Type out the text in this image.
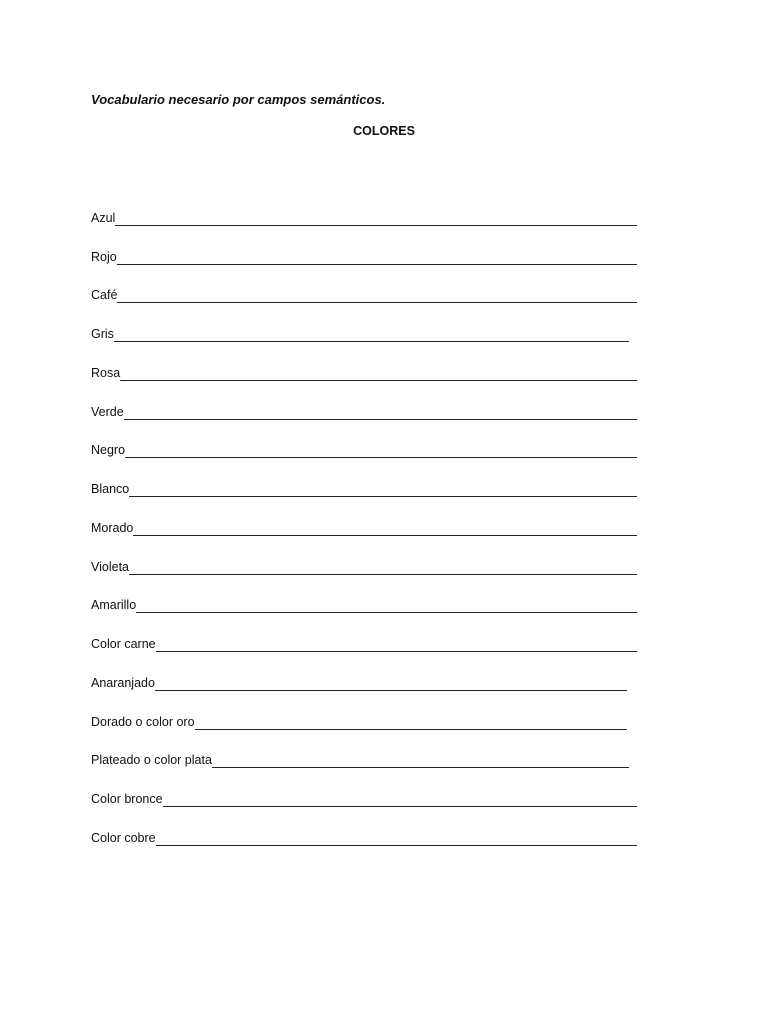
Vocabulario necesario por campos semánticos.
COLORES
Azul
Rojo
Café
Gris
Rosa
Verde
Negro
Blanco
Morado
Violeta
Amarillo
Color carne
Anaranjado
Dorado o color oro
Plateado o color plata
Color bronce
Color cobre
